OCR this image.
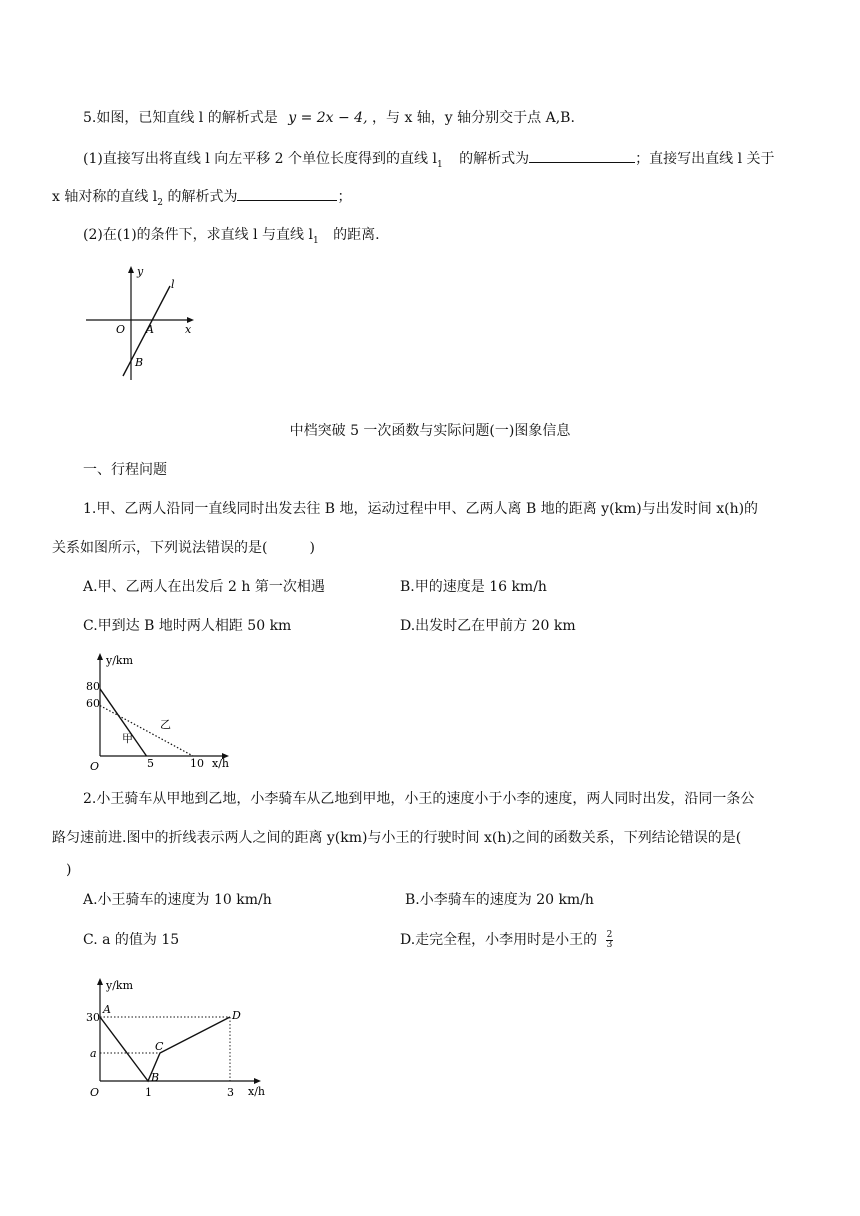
5.如图，已知直线 l 的解析式是 y = 2x − 4, ，与 x 轴，y 轴分别交于点 A,B.
(1)直接写出将直线 l 向左平移 2 个单位长度得到的直线 $l_1$ 的解析式为	；直接写出直线 l 关于
x 轴对称的直线 $l_2$ 的解析式为	；
(2)在(1)的条件下，求直线 l 与直线 $l_1$ 的距离.
y
l
O A	x
B
中档突破 5 一次函数与实际问题(一)图象信息
一、行程问题
1.甲、乙两人沿同一直线同时出发去往 B 地，运动过程中甲、乙两人离 B 地的距离 y(km)与出发时间 x(h)的
关系如图所示，下列说法错误的是(　　　)
A.甲、乙两人在出发后 2 h 第一次相遇	B.甲的速度是 16 km/h
C.甲到达 B 地时两人相距 50 km	D.出发时乙在甲前方 20 km
y/km
x/h
80
60
O	5	10
甲
乙
2.小王骑车从甲地到乙地，小李骑车从乙地到甲地，小王的速度小于小李的速度，两人同时出发，沿同一条公
路匀速前进.图中的折线表示两人之间的距离 y(km)与小王的行驶时间 x(h)之间的函数关系，下列结论错误的是(
)
A.小王骑车的速度为 10 km/h	B.小李骑车的速度为 20 km/h
C. a 的值为 15	D.走完全程，小李用时是小王的 $\frac{2}{3}$
y/km
x/h
30
a
O	1	3
A
B
C
D
